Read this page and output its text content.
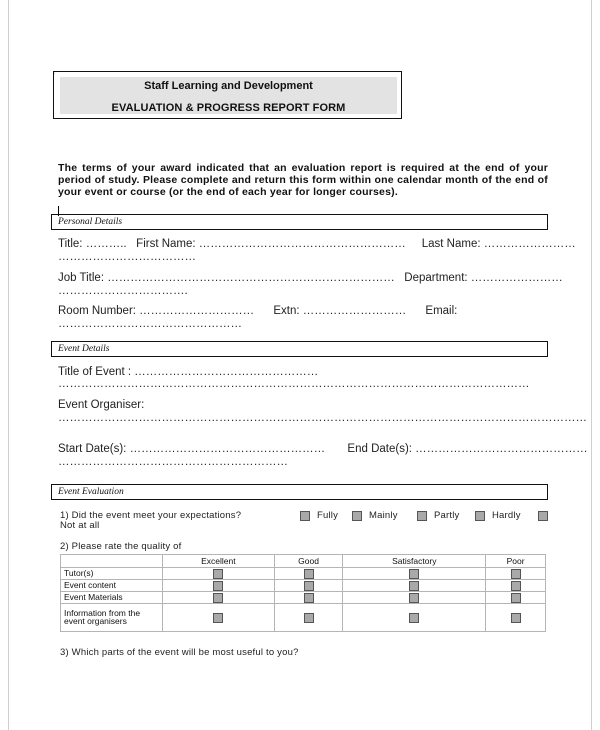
Staff Learning and Development
EVALUATION & PROGRESS REPORT FORM
‘
The terms of your award indicated that an evaluation report is required at the end of your period of study. Please complete and return this form within one calendar month of the end of your event or course (or the end of each year for longer courses).
Personal Details
Title: ………..   First Name: ………………………………………………     Last Name: ……………………
………………………………
Job Title: …………………………………………………………………   Department: ……………………
…………………………….
Room Number: …………………………      Extn: ………………………      Email:
…………………………………………
Event Details
Title of Event : …………………………………………
……………………………………………………………………………………………………………
Event Organiser:
…………………………………………………………………………………………………………………………
Start Date(s): ……………………………………………       End Date(s): ………………………………………
……………………………………………………
Event Evaluation
1) Did the event meet your expectations?	Fully	Mainly	Partly	Hardly
Not at all
2) Please rate the quality of
	Excellent	Good	Satisfactory	Poor
Tutor(s)				
Event content				
Event Materials				
Information from the event organisers				
3) Which parts of the event will be most useful to you?
